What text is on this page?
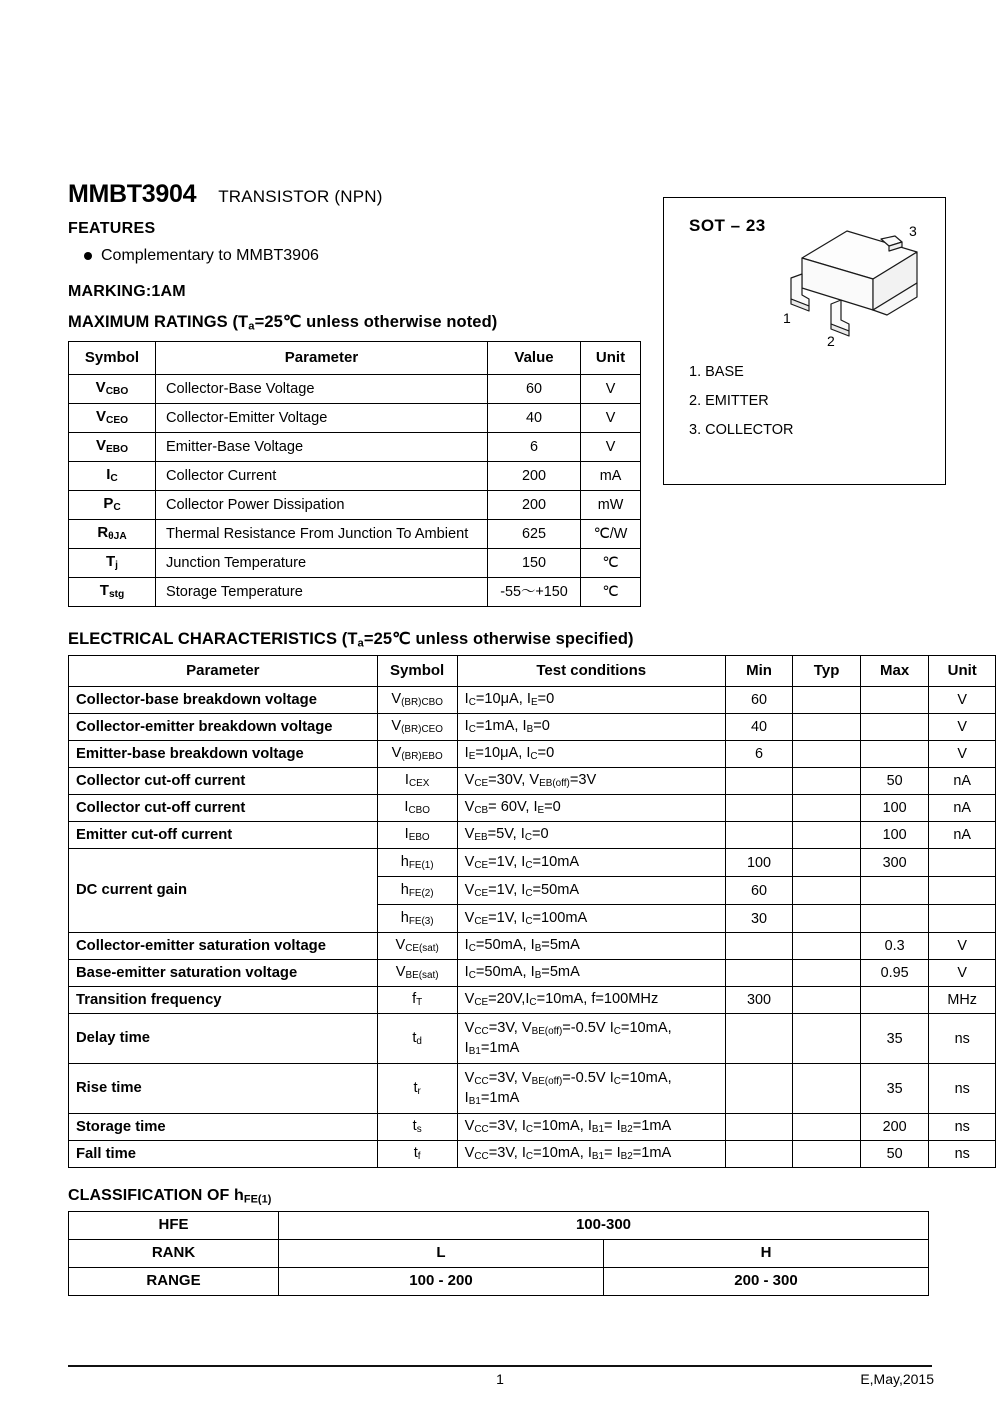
MMBT3904 TRANSISTOR (NPN)
FEATURES
Complementary to MMBT3906
MARKING:1AM
MAXIMUM RATINGS ($T_a=25℃$ unless otherwise noted)
SOT – 23	3
1
2
1. BASE
2. EMITTER
3. COLLECTOR
Symbol	Parameter	Value	Unit
VCBO	Collector-Base Voltage	60	V
VCEO	Collector-Emitter Voltage	40	V
VEBO	Emitter-Base Voltage	6	V
IC	Collector Current	200	mA
PC	Collector Power Dissipation	200	mW
RθJA	Thermal Resistance From Junction To Ambient	625	℃/W
Tj	Junction Temperature	150	℃
Tstg	Storage Temperature	-55～+150	℃
ELECTRICAL CHARACTERISTICS ($T_a=25℃$ unless otherwise specified)
Parameter	Symbol	Test conditions	Min	Typ	Max	Unit
Collector-base breakdown voltage	V(BR)CBO	IC=10μA, IE=0	60			V
Collector-emitter breakdown voltage	V(BR)CEO	IC=1mA, IB=0	40			V
Emitter-base breakdown voltage	V(BR)EBO	IE=10μA, IC=0	6			V
Collector cut-off current	ICEX	VCE=30V, VEB(off)=3V			50	nA
Collector cut-off current	ICBO	VCB= 60V, IE=0			100	nA
Emitter cut-off current	IEBO	VEB=5V, IC=0			100	nA
DC current gain	hFE(1)	VCE=1V, IC=10mA	100		300	
	hFE(2)	VCE=1V, IC=50mA	60			
	hFE(3)	VCE=1V, IC=100mA	30			
Collector-emitter saturation voltage	VCE(sat)	IC=50mA, IB=5mA			0.3	V
Base-emitter saturation voltage	VBE(sat)	IC=50mA, IB=5mA			0.95	V
Transition frequency	fT	VCE=20V,IC=10mA, f=100MHz	300			MHz
Delay time	td	VCC=3V, VBE(off)=-0.5V IC=10mA,
IB1=1mA			35	ns
Rise time	tr	VCC=3V, VBE(off)=-0.5V IC=10mA,
IB1=1mA			35	ns
Storage time	ts	VCC=3V, IC=10mA, IB1= IB2=1mA			200	ns
Fall time	tf	VCC=3V, IC=10mA, IB1= IB2=1mA			50	ns
CLASSIFICATION OF $h_{FE(1)}$
HFE	100-300	
RANK	L	H
RANGE	100 - 200	200 - 300
1	E,May,2015
